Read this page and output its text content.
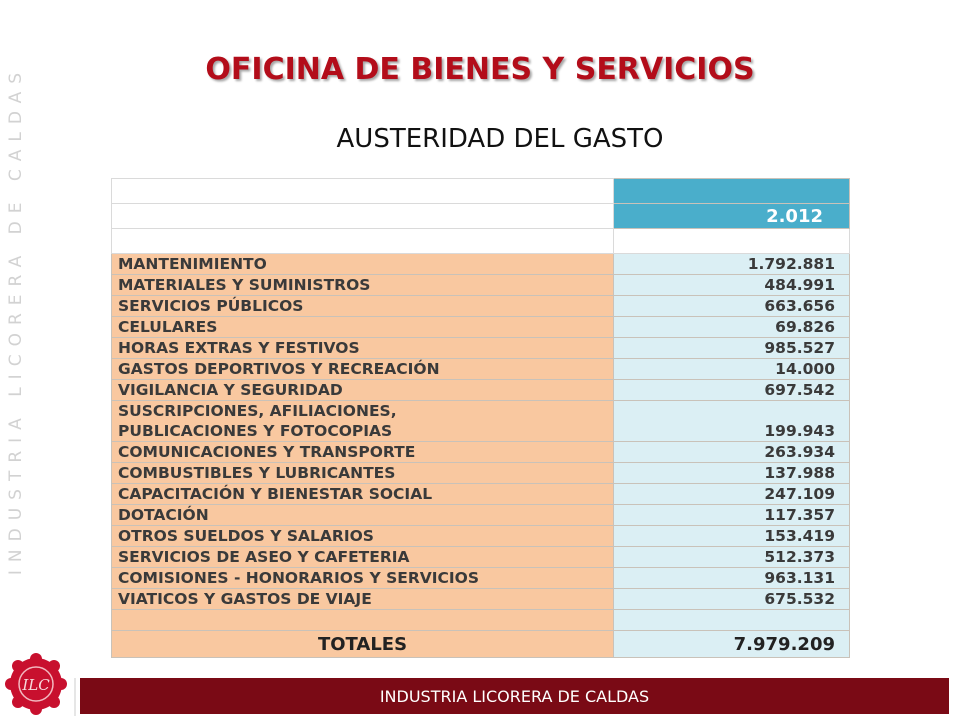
INDUSTRIA LICORERA DE CALDAS	OFICINA DE BIENES Y SERVICIOS
AUSTERIDAD DEL GASTO

	2.012

MANTENIMIENTO	1.792.881
MATERIALES Y SUMINISTROS	484.991
SERVICIOS PÚBLICOS	663.656
CELULARES	69.826
HORAS EXTRAS Y FESTIVOS	985.527
GASTOS DEPORTIVOS Y RECREACIÓN	14.000
VIGILANCIA Y SEGURIDAD	697.542

SUSCRIPCIONES, AFILIACIONES,
PUBLICACIONES Y FOTOCOPIAS	199.943
COMUNICACIONES Y TRANSPORTE	263.934
COMBUSTIBLES Y LUBRICANTES	137.988
CAPACITACIÓN Y BIENESTAR SOCIAL	247.109
DOTACIÓN	117.357
OTROS SUELDOS Y SALARIOS	153.419
SERVICIOS DE ASEO Y CAFETERIA	512.373
COMISIONES - HONORARIOS Y SERVICIOS	963.131
VIATICOS Y GASTOS DE VIAJE	675.532

TOTALES	7.979.209
ILC
INDUSTRIA LICORERA DE CALDAS
